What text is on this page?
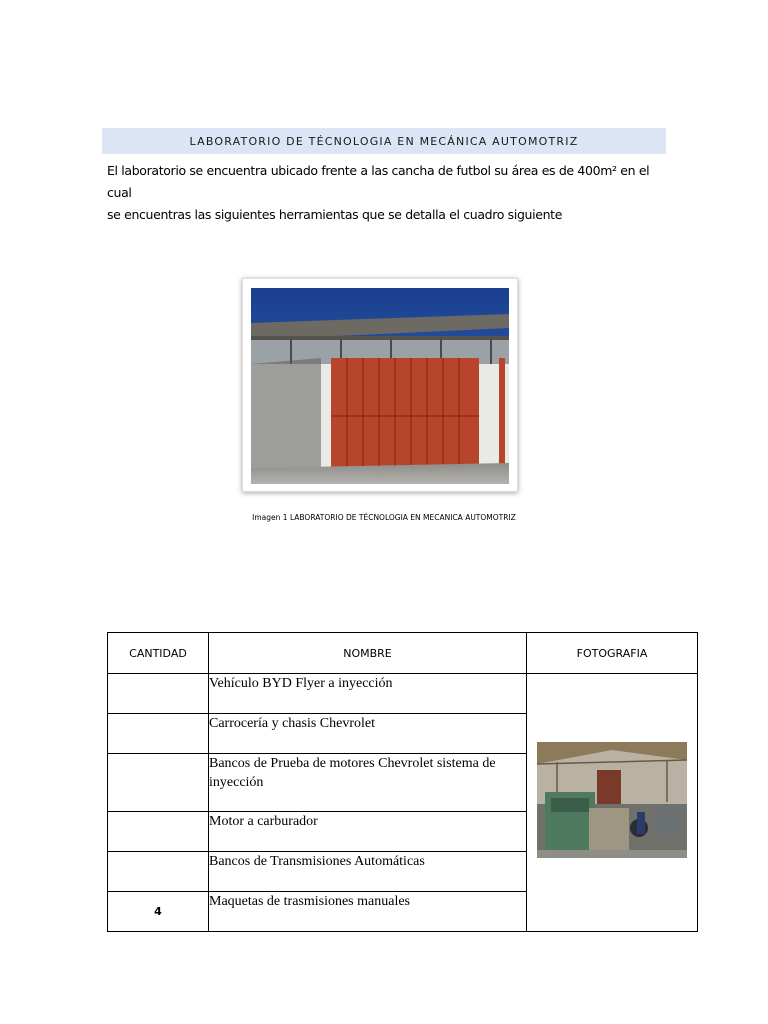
LABORATORIO DE TÉCNOLOGIA EN MECÁNICA AUTOMOTRIZ
El laboratorio se encuentra ubicado frente a las cancha de futbol su área es de 400m² en el cual
se encuentras las siguientes herramientas que se detalla el cuadro siguiente
Imagen 1 LABORATORIO DE TÉCNOLOGIA EN MECANICA AUTOMOTRIZ
CANTIDAD	NOMBRE	FOTOGRAFIA
	Vehículo BYD Flyer a inyección	
	Carrocería y chasis Chevrolet	
	Bancos de Prueba de motores Chevrolet sistema de inyección	
	Motor a carburador	
	Bancos de Transmisiones Automáticas	
4	Maquetas de trasmisiones manuales	
